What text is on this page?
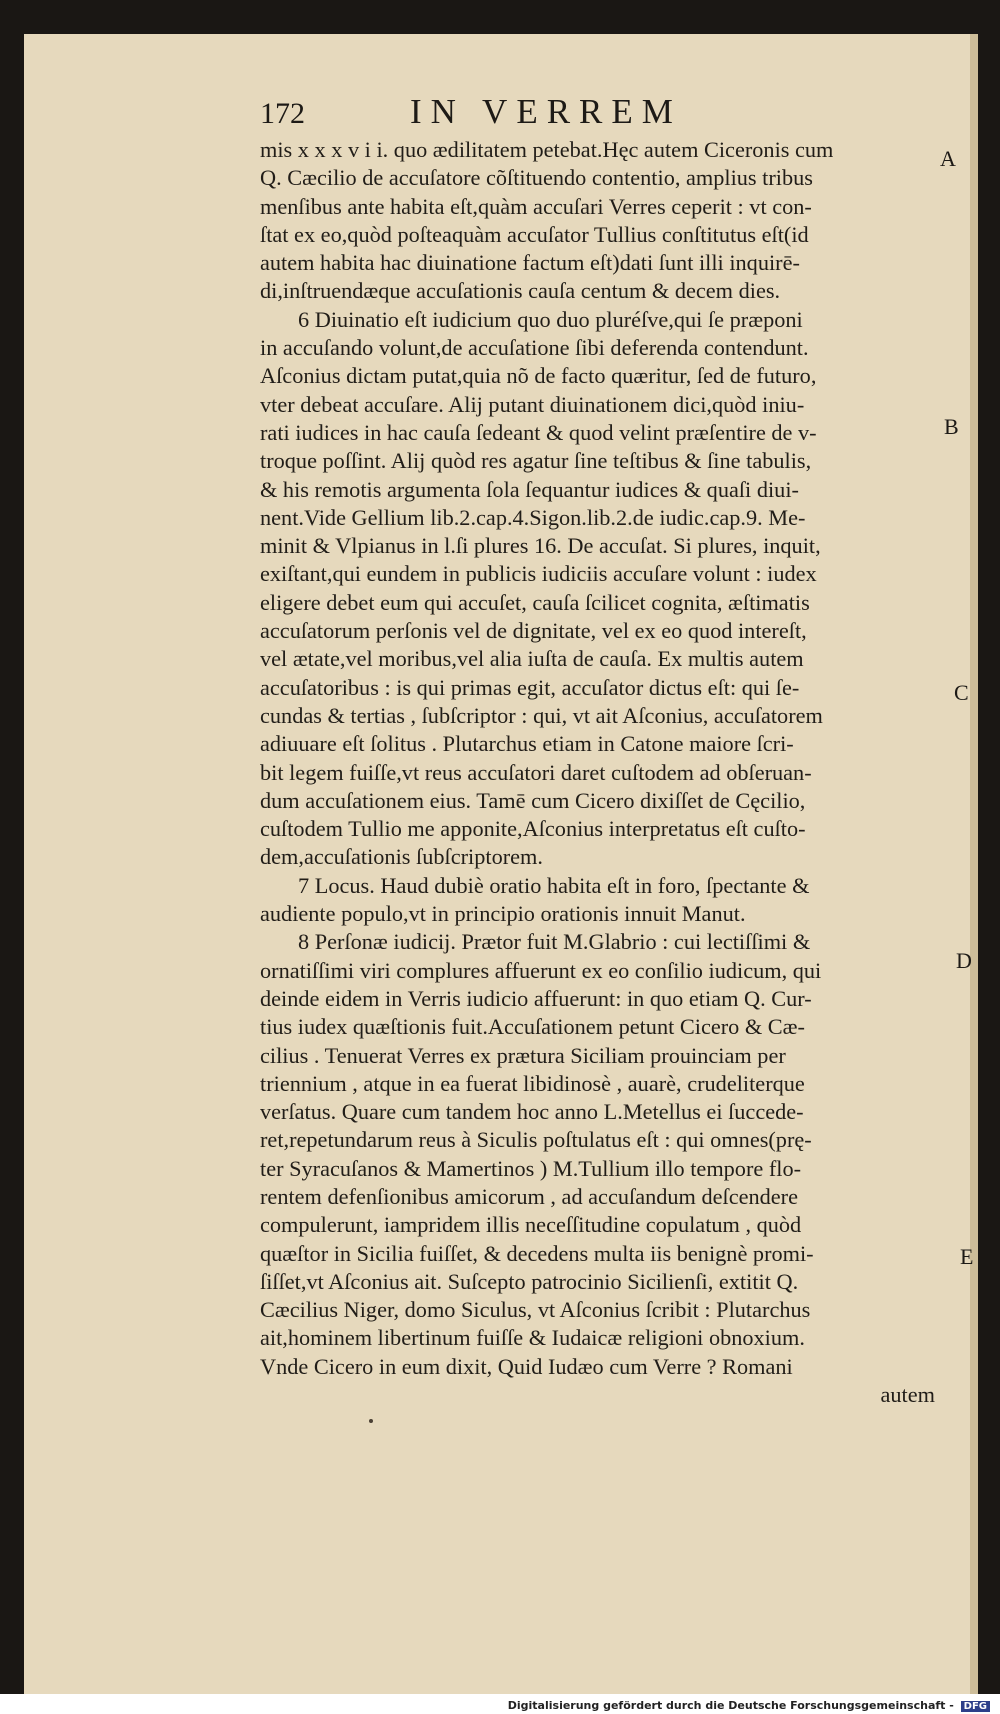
172	IN VERREM
mis x x x v i i. quo ædilitatem petebat.Hęc autem Ciceronis cum
Q. Cæcilio de accuſatore cõſtituendo contentio, amplius tribus
menſibus ante habita eſt,quàm accuſari Verres ceperit : vt con-
ſtat ex eo,quòd poſteaquàm accuſator Tullius conſtitutus eſt(id
autem habita hac diuinatione factum eſt)dati ſunt illi inquirē-
di,inſtruendæque accuſationis cauſa centum & decem dies.
6 Diuinatio eſt iudicium quo duo pluréſve,qui ſe præponi
in accuſando volunt,de accuſatione ſibi deferenda contendunt.
Aſconius dictam putat,quia nõ de facto quæritur, ſed de futuro,
vter debeat accuſare. Alij putant diuinationem dici,quòd iniu-
rati iudices in hac cauſa ſedeant & quod velint præſentire de v-
troque poſſint. Alij quòd res agatur ſine teſtibus & ſine tabulis,
& his remotis argumenta ſola ſequantur iudices & quaſi diui-
nent.Vide Gellium lib.2.cap.4.Sigon.lib.2.de iudic.cap.9. Me-
minit & Vlpianus in l.ſi plures 16. De accuſat. Si plures, inquit,
exiſtant,qui eundem in publicis iudiciis accuſare volunt : iudex
eligere debet eum qui accuſet, cauſa ſcilicet cognita, æſtimatis
accuſatorum perſonis vel de dignitate, vel ex eo quod intereſt,
vel ætate,vel moribus,vel alia iuſta de cauſa. Ex multis autem
accuſatoribus : is qui primas egit, accuſator dictus eſt: qui ſe-
cundas & tertias , ſubſcriptor : qui, vt ait Aſconius, accuſatorem
adiuuare eſt ſolitus . Plutarchus etiam in Catone maiore ſcri-
bit legem fuiſſe,vt reus accuſatori daret cuſtodem ad obſeruan-
dum accuſationem eius. Tamē cum Cicero dixiſſet de Cęcilio,
cuſtodem Tullio me apponite,Aſconius interpretatus eſt cuſto-
dem,accuſationis ſubſcriptorem.
7 Locus. Haud dubiè oratio habita eſt in foro, ſpectante &
audiente populo,vt in principio orationis innuit Manut.
8 Perſonæ iudicij. Prætor fuit M.Glabrio : cui lectiſſimi &
ornatiſſimi viri complures affuerunt ex eo conſilio iudicum, qui
deinde eidem in Verris iudicio affuerunt: in quo etiam Q. Cur-
tius iudex quæſtionis fuit.Accuſationem petunt Cicero & Cæ-
cilius . Tenuerat Verres ex prætura Siciliam prouinciam per
triennium , atque in ea fuerat libidinosè , auarè, crudeliterque
verſatus. Quare cum tandem hoc anno L.Metellus ei ſuccede-
ret,repetundarum reus à Siculis poſtulatus eſt : qui omnes(prę-
ter Syracuſanos & Mamertinos ) M.Tullium illo tempore flo-
rentem defenſionibus amicorum , ad accuſandum deſcendere
compulerunt, iampridem illis neceſſitudine copulatum , quòd
quæſtor in Sicilia fuiſſet, & decedens multa iis benignè promi-
ſiſſet,vt Aſconius ait. Suſcepto patrocinio Sicilienſi, extitit Q.
Cæcilius Niger, domo Siculus, vt Aſconius ſcribit : Plutarchus
ait,hominem libertinum fuiſſe & Iudaicæ religioni obnoxium.
Vnde Cicero in eum dixit, Quid Iudæo cum Verre ? Romani
autem
A
B
C
D
E
Digitalisierung gefördert durch die Deutsche Forschungsgemeinschaft - DFG
